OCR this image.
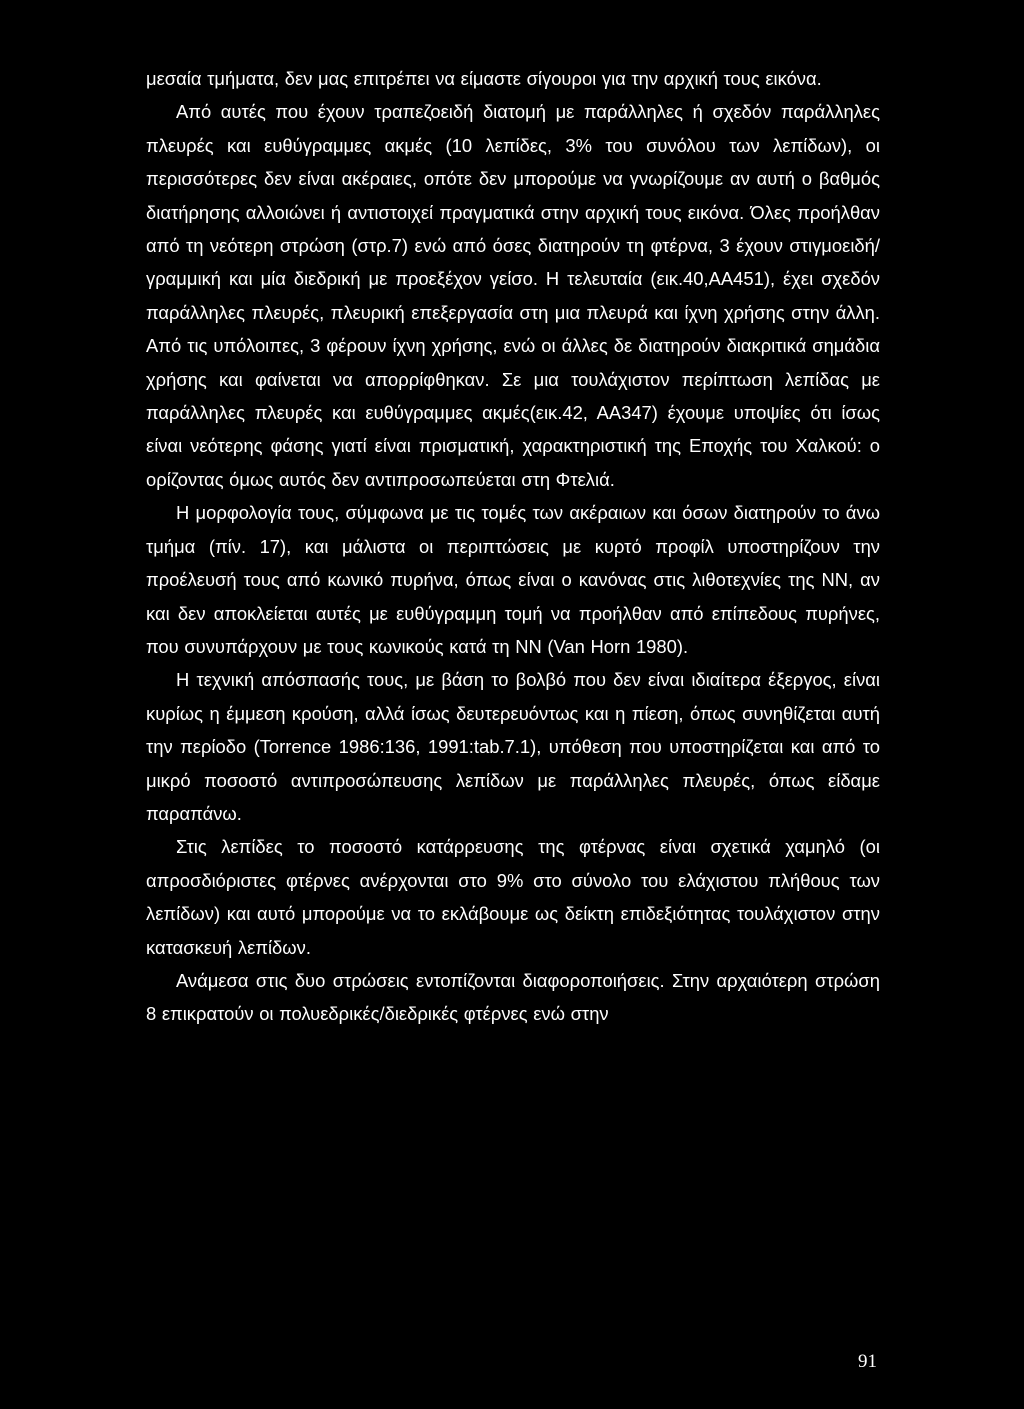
μεσαία τμήματα, δεν μας επιτρέπει να είμαστε σίγουροι για την αρχική τους εικόνα.

Από αυτές που έχουν τραπεζοειδή διατομή με παράλληλες ή σχεδόν παράλληλες πλευρές και ευθύγραμμες ακμές (10 λεπίδες, 3% του συνόλου των λεπίδων), οι περισσότερες δεν είναι ακέραιες, οπότε δεν μπορούμε να γνωρίζουμε αν αυτή ο βαθμός διατήρησης αλλοιώνει ή αντιστοιχεί πραγματικά στην αρχική τους εικόνα. Όλες προήλθαν από τη νεότερη στρώση (στρ.7) ενώ από όσες διατηρούν τη φτέρνα, 3 έχουν στιγμοειδή/ γραμμική και μία διεδρική με προεξέχον γείσο. Η τελευταία (εικ.40,ΑΑ451), έχει σχεδόν παράλληλες πλευρές, πλευρική επεξεργασία στη μια πλευρά και ίχνη χρήσης στην άλλη. Από τις υπόλοιπες, 3 φέρουν ίχνη χρήσης, ενώ οι άλλες δε διατηρούν διακριτικά σημάδια χρήσης και φαίνεται να απορρίφθηκαν. Σε μια τουλάχιστον περίπτωση λεπίδας με παράλληλες πλευρές και ευθύγραμμες ακμές(εικ.42, ΑΑ347) έχουμε υποψίες ότι ίσως είναι νεότερης φάσης γιατί είναι πρισματική, χαρακτηριστική της Εποχής του Χαλκού: ο ορίζοντας όμως αυτός δεν αντιπροσωπεύεται στη Φτελιά.

Η μορφολογία τους, σύμφωνα με τις τομές των ακέραιων και όσων διατηρούν το άνω τμήμα (πίν. 17), και μάλιστα οι περιπτώσεις με κυρτό προφίλ υποστηρίζουν την προέλευσή τους από κωνικό πυρήνα, όπως είναι ο κανόνας στις λιθοτεχνίες της ΝΝ, αν και δεν αποκλείεται αυτές με ευθύγραμμη τομή να προήλθαν από επίπεδους πυρήνες, που συνυπάρχουν με τους κωνικούς κατά τη ΝΝ (Van Horn 1980).

Η τεχνική απόσπασής τους, με βάση το βολβό που δεν είναι ιδιαίτερα έξεργος, είναι κυρίως η έμμεση κρούση, αλλά ίσως δευτερευόντως και η πίεση, όπως συνηθίζεται αυτή την περίοδο (Torrence 1986:136, 1991:tab.7.1), υπόθεση που υποστηρίζεται και από το μικρό ποσοστό αντιπροσώπευσης λεπίδων με παράλληλες πλευρές, όπως είδαμε παραπάνω.

Στις λεπίδες το ποσοστό κατάρρευσης της φτέρνας είναι σχετικά χαμηλό (οι απροσδιόριστες φτέρνες ανέρχονται στο 9% στο σύνολο του ελάχιστου πλήθους των λεπίδων) και αυτό μπορούμε να το εκλάβουμε ως δείκτη επιδεξιότητας τουλάχιστον στην κατασκευή λεπίδων.

Ανάμεσα στις δυο στρώσεις εντοπίζονται διαφοροποιήσεις. Στην αρχαιότερη στρώση 8 επικρατούν οι πολυεδρικές/διεδρικές φτέρνες ενώ στην

91
